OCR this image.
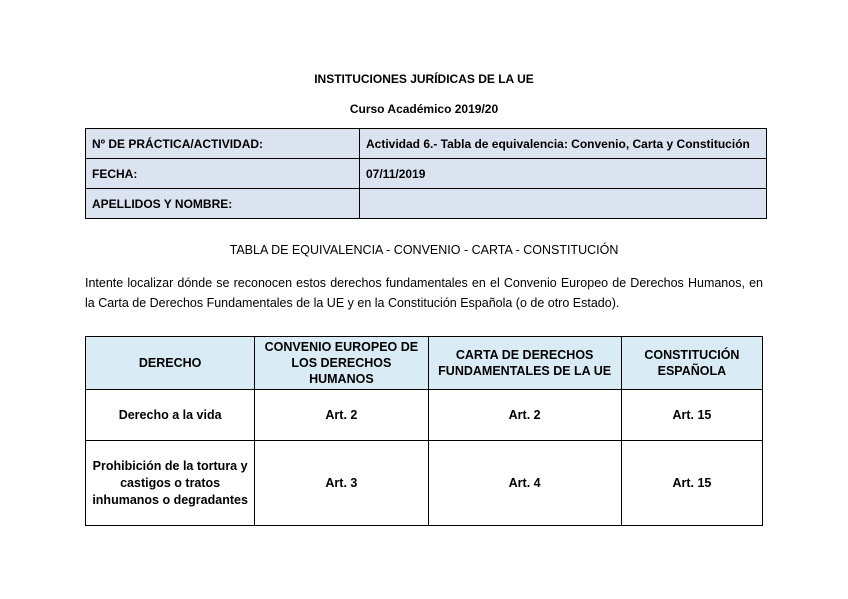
INSTITUCIONES JURÍDICAS DE LA UE
Curso Académico 2019/20
Nº DE PRÁCTICA/ACTIVIDAD:	Actividad 6.- Tabla de equivalencia: Convenio, Carta y Constitución
FECHA:	07/11/2019
APELLIDOS Y NOMBRE:	
TABLA DE EQUIVALENCIA - CONVENIO - CARTA - CONSTITUCIÓN
Intente localizar dónde se reconocen estos derechos fundamentales en el Convenio Europeo de Derechos Humanos, en la Carta de Derechos Fundamentales de la UE y en la Constitución Española (o de otro Estado).
DERECHO	CONVENIO EUROPEO DE LOS DERECHOS HUMANOS	CARTA DE DERECHOS FUNDAMENTALES DE LA UE	CONSTITUCIÓN ESPAÑOLA
Derecho a la vida	Art. 2	Art. 2	Art. 15
Prohibición de la tortura y castigos o tratos inhumanos o degradantes	Art. 3	Art. 4	Art. 15
